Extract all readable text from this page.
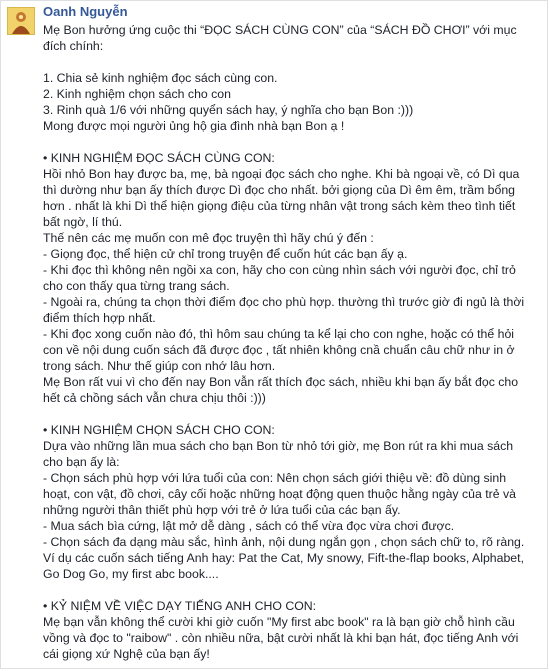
Oanh Nguyễn
Mẹ Bon hưởng ứng cuộc thi “ĐỌC SÁCH CÙNG CON” của “SÁCH ĐỒ CHƠI” với mục
đích chính:
1. Chia sẻ kinh nghiệm đọc sách cùng con.
2. Kinh nghiệm chọn sách cho con
3. Rinh quà 1/6 với những quyển sách hay, ý nghĩa cho bạn Bon :)))
Mong được mọi người ủng hộ gia đình nhà bạn Bon ạ !
• KINH NGHIỆM ĐỌC SÁCH CÙNG CON:
Hồi nhỏ Bon hay được ba, mẹ, bà ngoại đọc sách cho nghe. Khi bà ngoại về, có Dì qua
thì dường như bạn ấy thích được Dì đọc cho nhất. bởi giọng của Dì êm êm, trầm bổng
hơn . nhất là khi Dì thể hiện giọng điệu của từng nhân vật trong sách kèm theo tình tiết
bất ngờ, lí thú.
Thế nên các mẹ muốn con mê đọc truyện thì hãy chú ý đến :
- Giọng đọc, thể hiện cử chỉ trong truyện để cuốn hút các bạn ấy ạ.
- Khi đọc thì không nên ngồi xa con, hãy cho con cùng nhìn sách với người đọc, chỉ trỏ
cho con thấy qua từng trang sách.
- Ngoài ra, chúng ta chọn thời điểm đọc cho phù hợp. thường thì trước giờ đi ngủ là thời
điểm thích hợp nhất.
- Khi đọc xong cuốn nào đó, thì hôm sau chúng ta kể lại cho con nghe, hoặc có thể hỏi
con về nội dung cuốn sách đã được đọc , tất nhiên không cnầ chuẩn câu chữ như in ở
trong sách. Như thế giúp con nhớ lâu hơn.
Mẹ Bon rất vui vì cho đến nay Bon vẫn rất thích đọc sách, nhiều khi bạn ấy bắt đọc cho
hết cả chồng sách vẫn chưa chịu thôi :)))
• KINH NGHIỆM CHỌN SÁCH CHO CON:
Dựa vào những lần mua sách cho bạn Bon từ nhỏ tới giờ, mẹ Bon rút ra khi mua sách
cho bạn ấy là:
- Chọn sách phù hợp với lứa tuổi của con: Nên chọn sách giới thiệu về: đồ dùng sinh
hoạt, con vật, đồ chơi, cây cối hoặc những hoạt động quen thuộc hằng ngày của trẻ và
những người thân thiết phù hợp với trẻ ở lứa tuổi của các bạn ấy.
- Mua sách bìa cứng, lật mở dễ dàng , sách có thể vừa đọc vừa chơi được.
- Chọn sách đa dạng màu sắc, hình ảnh, nội dung ngắn gọn , chọn sách chữ to, rõ ràng.
Ví dụ các cuốn sách tiếng Anh hay: Pat the Cat, My snowy, Fift-the-flap books, Alphabet,
Go Dog Go, my first abc book....
• KỶ NIỆM VỀ VIỆC DẠY TIẾNG ANH CHO CON:
Mẹ bạn vẫn không thể cười khi giờ cuốn "My first abc book" ra là bạn giờ chỗ hình cầu
vồng và đọc to "raibow" . còn nhiều nữa, bật cười nhất là khi bạn hát, đọc tiếng Anh với
cái giọng xứ Nghệ của bạn ấy!
